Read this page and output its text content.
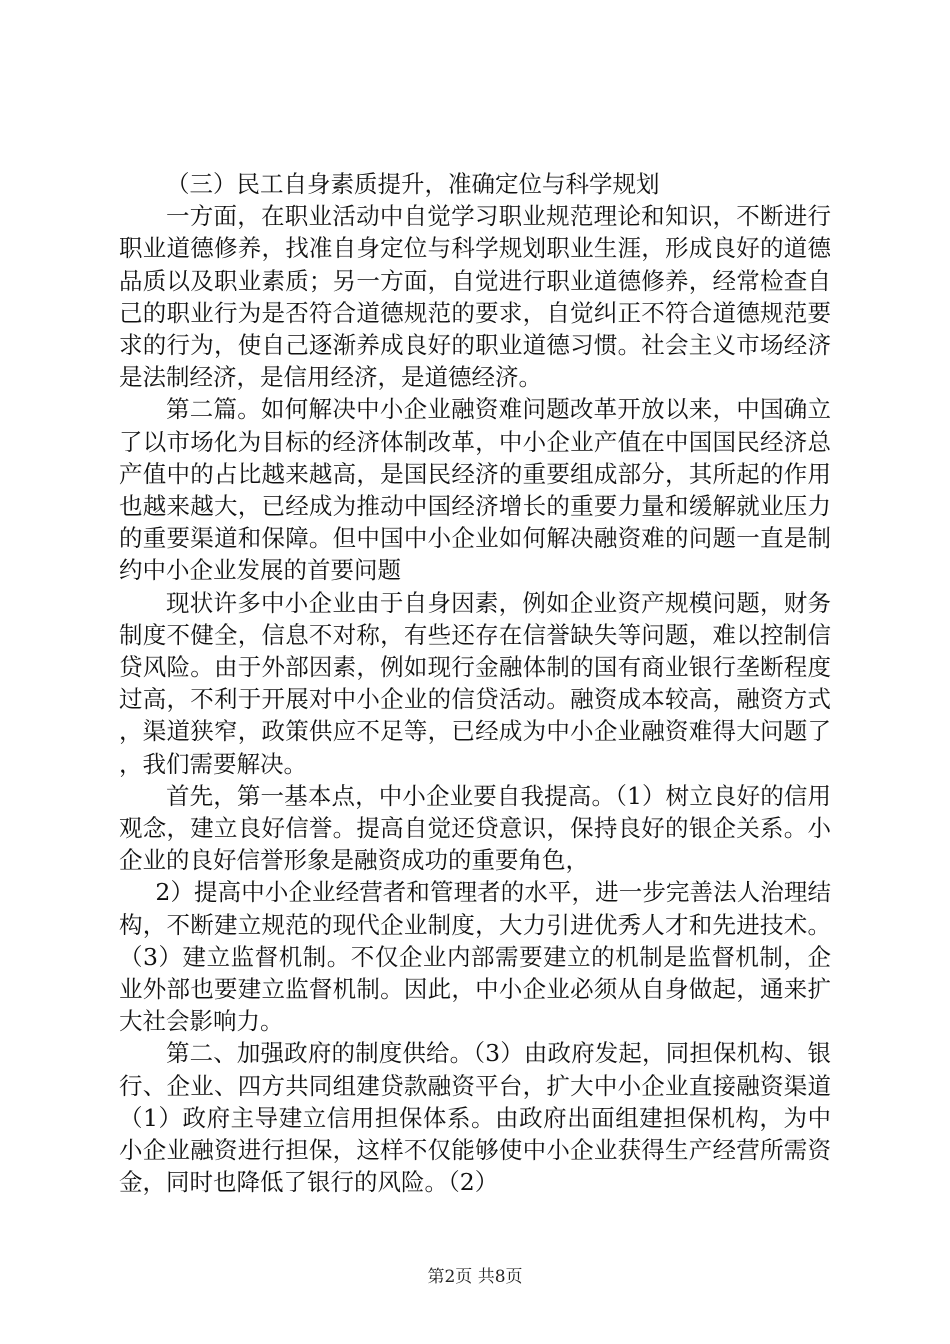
（三）民工自身素质提升，准确定位与科学规划

一方面，在职业活动中自觉学习职业规范理论和知识，不断进行职业道德修养，找准自身定位与科学规划职业生涯，形成良好的道德品质以及职业素质；另一方面，自觉进行职业道德修养，经常检查自己的职业行为是否符合道德规范的要求，自觉纠正不符合道德规范要求的行为，使自己逐渐养成良好的职业道德习惯。社会主义市场经济是法制经济，是信用经济，是道德经济。

第二篇。如何解决中小企业融资难问题改革开放以来，中国确立了以市场化为目标的经济体制改革，中小企业产值在中国国民经济总产值中的占比越来越高，是国民经济的重要组成部分，其所起的作用也越来越大，已经成为推动中国经济增长的重要力量和缓解就业压力的重要渠道和保障。但中国中小企业如何解决融资难的问题一直是制约中小企业发展的首要问题

现状许多中小企业由于自身因素，例如企业资产规模问题，财务制度不健全，信息不对称，有些还存在信誉缺失等问题，难以控制信贷风险。由于外部因素，例如现行金融体制的国有商业银行垄断程度过高，不利于开展对中小企业的信贷活动。融资成本较高，融资方式，渠道狭窄，政策供应不足等，已经成为中小企业融资难得大问题了，我们需要解决。

首先，第一基本点，中小企业要自我提高。（1）树立良好的信用观念，建立良好信誉。提高自觉还贷意识，保持良好的银企关系。小企业的良好信誉形象是融资成功的重要角色，

2）提高中小企业经营者和管理者的水平，进一步完善法人治理结构，不断建立规范的现代企业制度，大力引进优秀人才和先进技术。（3）建立监督机制。不仅企业内部需要建立的机制是监督机制，企业外部也要建立监督机制。因此，中小企业必须从自身做起，通来扩大社会影响力。

第二、加强政府的制度供给。（3）由政府发起，同担保机构、银行、企业、四方共同组建贷款融资平台，扩大中小企业直接融资渠道（1）政府主导建立信用担保体系。由政府出面组建担保机构，为中小企业融资进行担保，这样不仅能够使中小企业获得生产经营所需资金，同时也降低了银行的风险。（2）

第2页 共8页
